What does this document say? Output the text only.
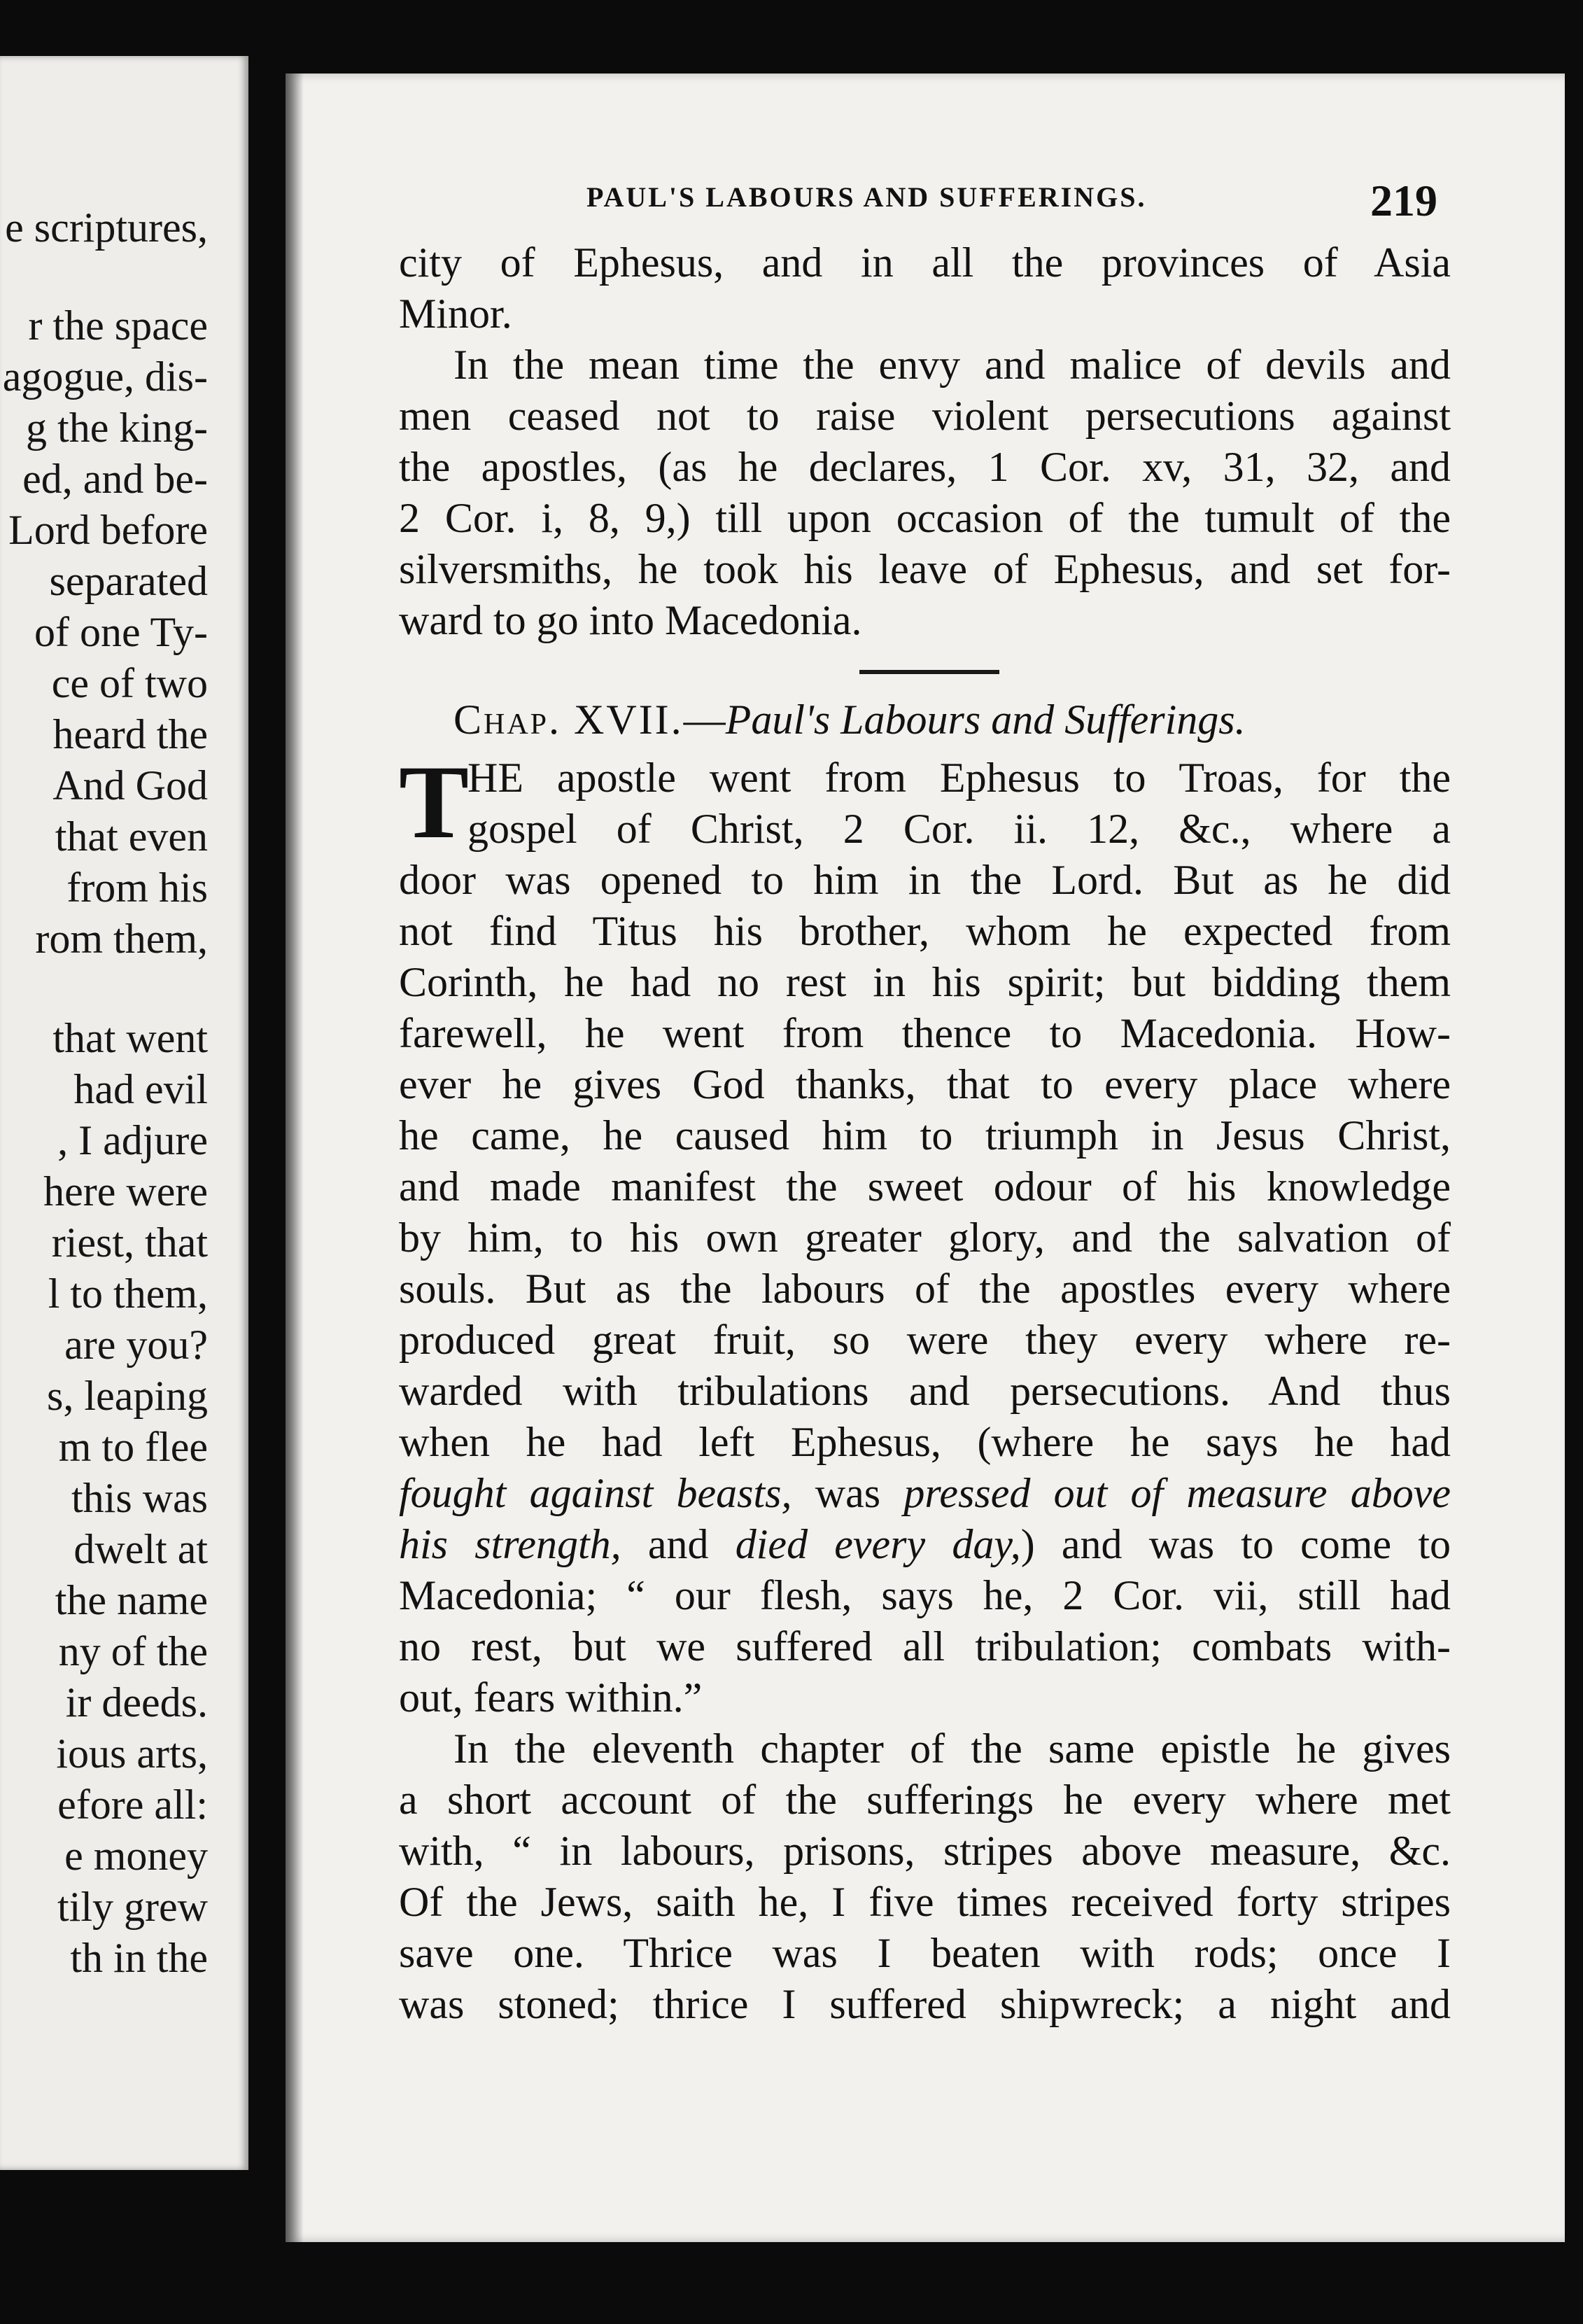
e scriptures,
r the space
agogue, dis-
g the king-
ed, and be-
Lord before
separated
of one Ty-
ce of two
heard the
And God
that even
from his
rom them,
that went
had evil
, I adjure
here were
riest, that
l to them,
are you?
s, leaping
m to flee
this was
dwelt at
the name
ny of the
ir deeds.
ious arts,
efore all:
e money
tily grew
th in the
PAUL'S LABOURS AND SUFFERINGS.	219
city of Ephesus, and in all the provinces of Asia
Minor.
In the mean time the envy and malice of devils and
men ceased not to raise violent persecutions against
the apostles, (as he declares, 1 Cor. xv, 31, 32, and
2 Cor. i, 8, 9,) till upon occasion of the tumult of the
silversmiths, he took his leave of Ephesus, and set for-
ward to go into Macedonia.
Chap. XVII.—Paul's Labours and Sufferings.
T
HE apostle went from Ephesus to Troas, for the
gospel of Christ, 2 Cor. ii. 12, &c., where a
door was opened to him in the Lord. But as he did
not find Titus his brother, whom he expected from
Corinth, he had no rest in his spirit; but bidding them
farewell, he went from thence to Macedonia. How-
ever he gives God thanks, that to every place where
he came, he caused him to triumph in Jesus Christ,
and made manifest the sweet odour of his knowledge
by him, to his own greater glory, and the salvation of
souls. But as the labours of the apostles every where
produced great fruit, so were they every where re-
warded with tribulations and persecutions. And thus
when he had left Ephesus, (where he says he had
fought against beasts, was pressed out of measure above
his strength, and died every day,) and was to come to
Macedonia; “ our flesh, says he, 2 Cor. vii, still had
no rest, but we suffered all tribulation; combats with-
out, fears within.”
In the eleventh chapter of the same epistle he gives
a short account of the sufferings he every where met
with, “ in labours, prisons, stripes above measure, &c.
Of the Jews, saith he, I five times received forty stripes
save one. Thrice was I beaten with rods; once I
was stoned; thrice I suffered shipwreck; a night and
